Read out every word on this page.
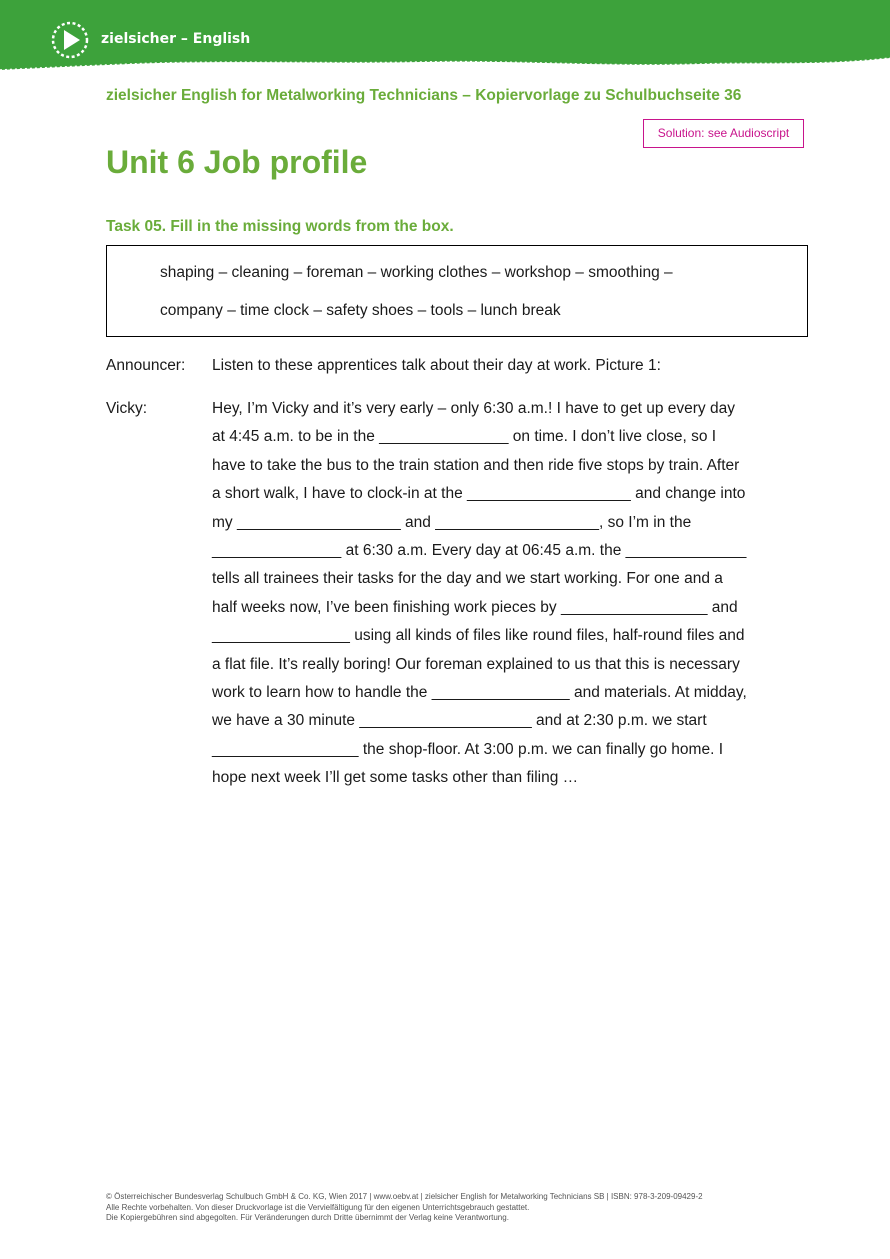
zielsicher – English
zielsicher English for Metalworking Technicians – Kopiervorlage zu Schulbuchseite 36
Solution: see Audioscript
Unit 6 Job profile
Task 05. Fill in the missing words from the box.
shaping – cleaning – foreman – working clothes – workshop – smoothing –
company – time clock – safety shoes – tools – lunch break
Announcer: Listen to these apprentices talk about their day at work. Picture 1:
Vicky:	Hey, I’m Vicky and it’s very early – only 6:30 a.m.! I have to get up every day
at 4:45 a.m. to be in the _______________ on time. I don’t live close, so I
have to take the bus to the train station and then ride five stops by train. After
a short walk, I have to clock-in at the ___________________ and change into
my ___________________ and ___________________, so I’m in the
_______________ at 6:30 a.m. Every day at 06:45 a.m. the ______________
tells all trainees their tasks for the day and we start working. For one and a
half weeks now, I’ve been finishing work pieces by _________________ and
________________ using all kinds of files like round files, half-round files and
a flat file. It’s really boring! Our foreman explained to us that this is necessary
work to learn how to handle the ________________ and materials. At midday,
we have a 30 minute ____________________ and at 2:30 p.m. we start
_________________ the shop-floor. At 3:00 p.m. we can finally go home. I
hope next week I’ll get some tasks other than filing …
© Österreichischer Bundesverlag Schulbuch GmbH & Co. KG, Wien 2017 | www.oebv.at | zielsicher English for Metalworking Technicians SB | ISBN: 978-3-209-09429-2
Alle Rechte vorbehalten. Von dieser Druckvorlage ist die Vervielfältigung für den eigenen Unterrichtsgebrauch gestattet.
Die Kopiergebühren sind abgegolten. Für Veränderungen durch Dritte übernimmt der Verlag keine Verantwortung.
